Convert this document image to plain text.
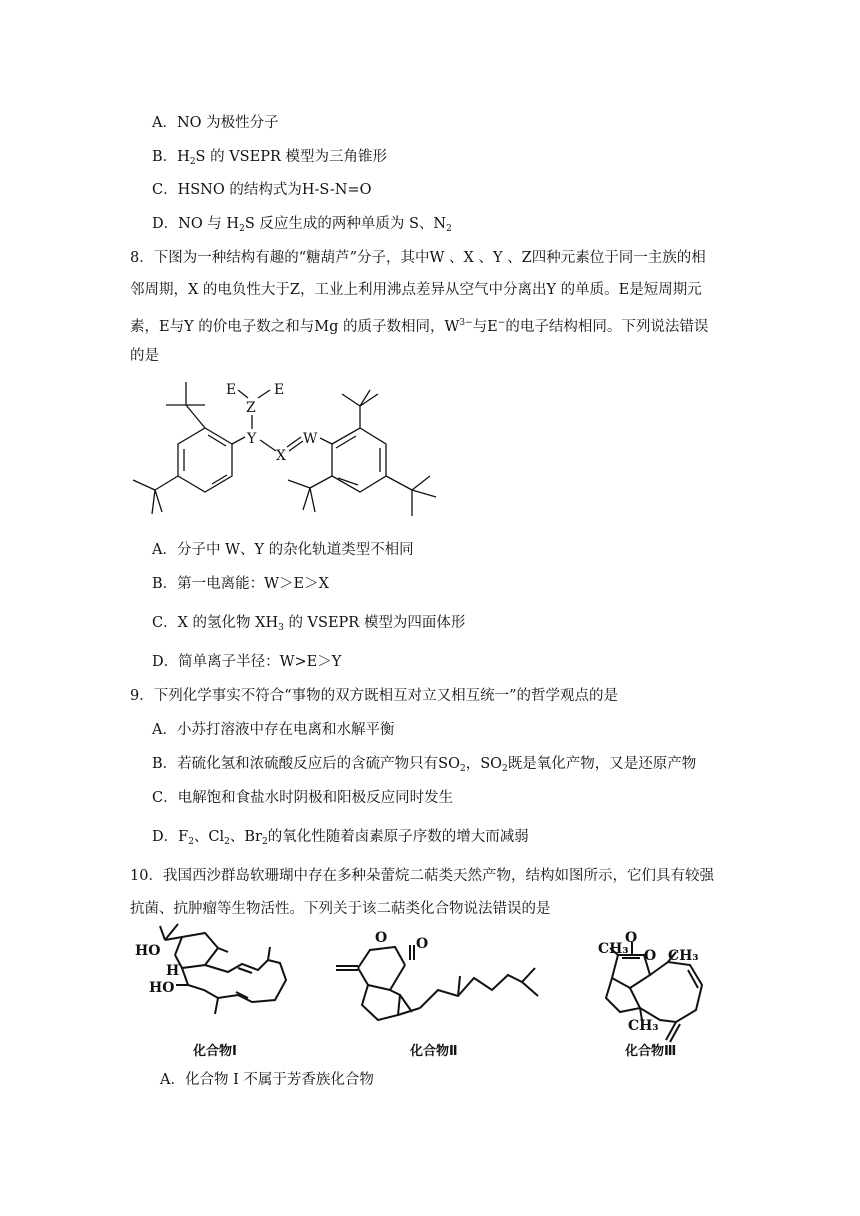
A．NO 为极性分子
B．$H_2S$ 的 VSEPR 模型为三角锥形
C．HSNO 的结构式为H-S-N=O
D．NO 与 $H_2S$ 反应生成的两种单质为 S、$N_2$
8．下图为一种结构有趣的“糖葫芦”分子，其中W 、X 、Y 、Z四种元素位于同一主族的相
邻周期，X 的电负性大于Z，工业上利用沸点差异从空气中分离出Y 的单质。E是短周期元
素，E与Y 的价电子数之和与Mg 的质子数相同，$W^{3-}$与E−的电子结构相同。下列说法错误
的是
E	E
Z
Y
X
W
A．分子中 W、Y 的杂化轨道类型不相同
B．第一电离能：W＞E＞X
C．X 的氢化物 $XH_3$ 的 VSEPR 模型为四面体形
D．简单离子半径：W>E＞Y
9．下列化学事实不符合“事物的双方既相互对立又相互统一”的哲学观点的是
A．小苏打溶液中存在电离和水解平衡
B．若硫化氢和浓硫酸反应后的含硫产物只有$SO_2$，$SO_2$既是氧化产物，又是还原产物
C．电解饱和食盐水时阴极和阳极反应同时发生
D．$F_2$、$Cl_2$、$Br_2$的氧化性随着卤素原子序数的增大而减弱
10．我国西沙群岛软珊瑚中存在多种朵蕾烷二萜类天然产物，结构如图所示，它们具有较强
抗菌、抗肿瘤等生物活性。下列关于该二萜类化合物说法错误的是
HO
H
HO
O O	CH₃
O
O CH₃
CH₃
化合物Ⅰ	化合物Ⅱ	化合物Ⅲ
A．化合物 I 不属于芳香族化合物
